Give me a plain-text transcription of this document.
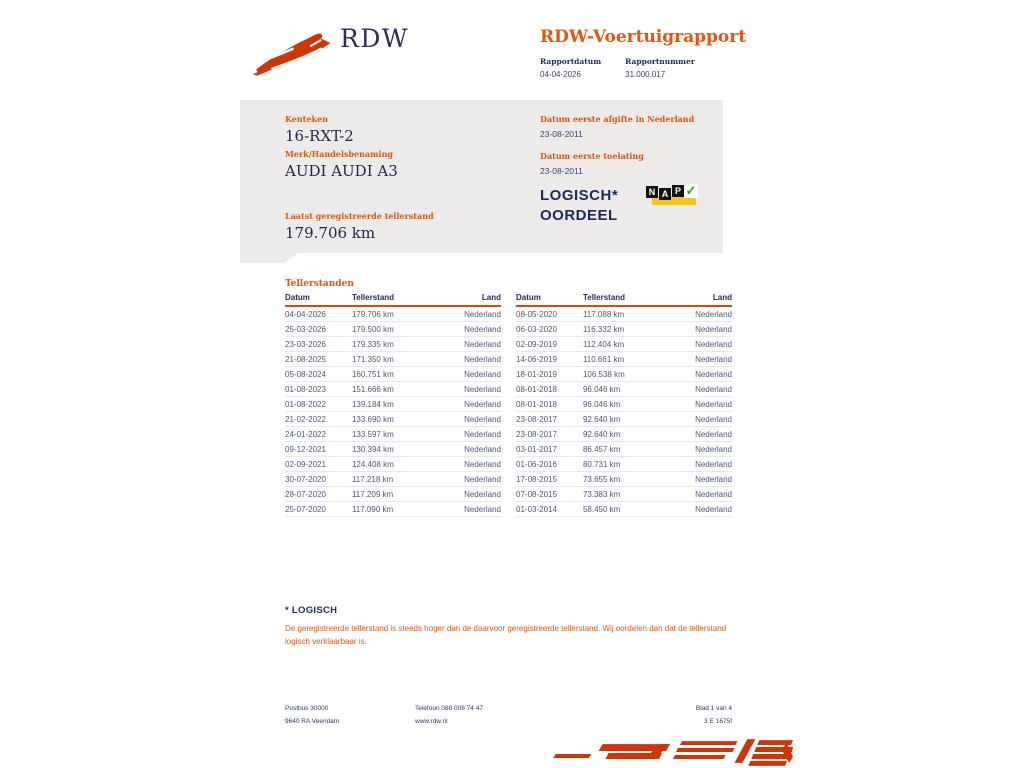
RDW	RDW-Voertuigrapport
Rapportdatum
04-04-2026
Rapportnummer
31.000.017
Kenteken
16-RXT-2
Merk/Handelsbenaming
AUDI AUDI A3
Laatst geregistreerde tellerstand
179.706 km
Datum eerste afgifte in Nederland
23-08-2011
Datum eerste toelating
23-08-2011
LOGISCH*
OORDEEL
N A P ✓
Tellerstanden
Datum	Tellerstand	Land
04-04-2026	179.706 km	Nederland
25-03-2026	179.500 km	Nederland
23-03-2026	179.335 km	Nederland
21-08-2025	171.350 km	Nederland
05-08-2024	160.751 km	Nederland
01-08-2023	151.666 km	Nederland
01-08-2022	139.184 km	Nederland
21-02-2022	133.690 km	Nederland
24-01-2022	133.597 km	Nederland
09-12-2021	130.394 km	Nederland
02-09-2021	124.408 km	Nederland
30-07-2020	117.218 km	Nederland
28-07-2020	117.209 km	Nederland
25-07-2020	117.090 km	Nederland
Datum	Tellerstand	Land
08-05-2020	117.088 km	Nederland
06-03-2020	116.332 km	Nederland
02-09-2019	112.404 km	Nederland
14-06-2019	110.661 km	Nederland
18-01-2019	106.538 km	Nederland
08-01-2018	96.046 km	Nederland
08-01-2018	96.046 km	Nederland
23-08-2017	92.640 km	Nederland
23-08-2017	92.640 km	Nederland
03-01-2017	86.457 km	Nederland
01-06-2016	80.731 km	Nederland
17-08-2015	73.655 km	Nederland
07-08-2015	73.383 km	Nederland
01-03-2014	58.450 km	Nederland
* LOGISCH
De geregistreerde tellerstand is steeds hoger dan de daarvoor geregistreerde tellerstand. Wij oordelen dan dat de tellerstand logisch verklaarbaar is.
Postbus 30000
9640 RA Veendam
Telefoon 088 008 74 47
www.rdw.nl
Blad 1 van 4
3 E 1675f
